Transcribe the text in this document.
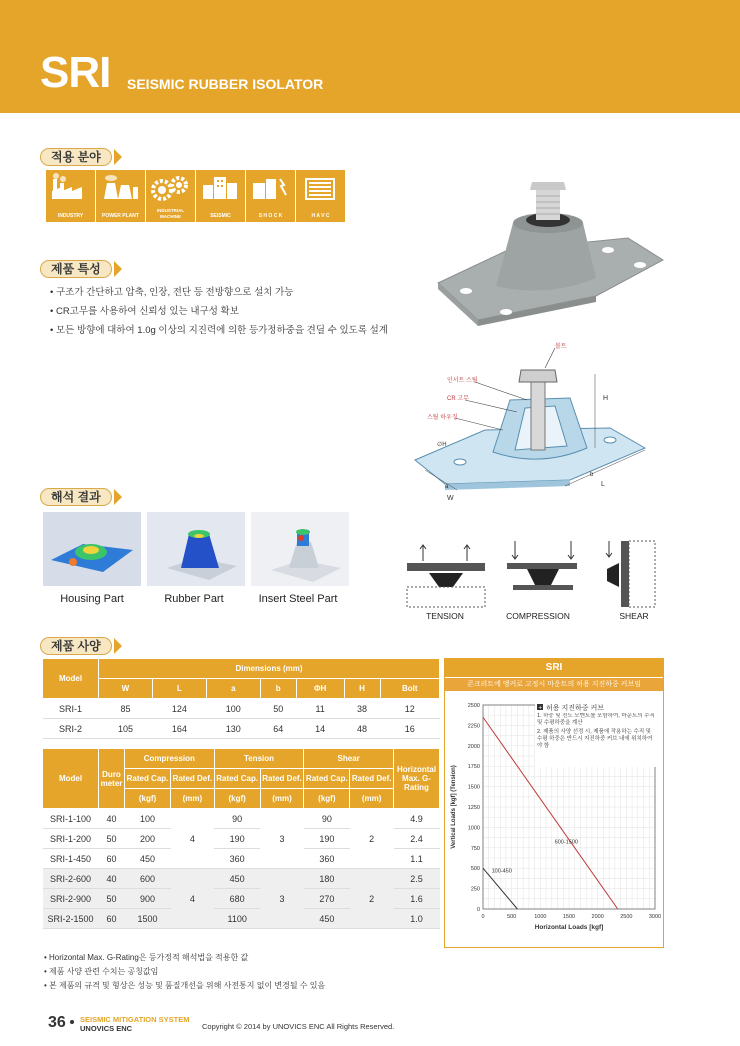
SRI SEISMIC RUBBER ISOLATOR
적용 분야
INDUSTRY	POWER PLANT
INDUSTRIAL MACHINE	SEISMIC	S H O C K	H A V C
제품 특성
• 구조가 간단하고 압축, 인장, 전단 등 전방향으로 설치 가능
• CR고무를 사용하여 신뢰성 있는 내구성 확보
• 모든 방향에 대하여 1.0g 이상의 지진력에 의한 등가정하중을 견딜 수 있도록 설계
볼트
인서트 스틸
CR 고무
스틸 하우징
∅H
H
a
W
b
L
해석 결과
Housing Part	Rubber Part	Insert Steel Part
TENSION	COMPRESSION	SHEAR
제품 사양
Model	Dimensions (mm)						
	W	L	a	b	ΦH	H	Bolt
SRI-1	85	124	100	50	11	38	12
SRI-2	105	164	130	64	14	48	16
Model	Duro meter	Compression		Tension		Shear		Horizontal Max. G-Rating
		Rated Cap.	Rated Def.	Rated Cap.	Rated Def.	Rated Cap.	Rated Def.	
		(kgf)	(mm)	(kgf)	(mm)	(kgf)	(mm)	
SRI-1-100	40	100	4	90	3	90	2	4.9
SRI-1-200	50	200		190		190		2.4
SRI-1-450	60	450		360		360		1.1
SRI-2-600	40	600	4	450	3	180	2	2.5
SRI-2-900	50	900		680		270		1.6
SRI-2-1500	60	1500		1100		450		1.0
SRI
콘크리트에 앵커로 고정시 마운트의 허용 지진하중 커브임
0	500	1000	1500	2000	2500	3000
0
250
500
750
1000
1250
1500
1750
2000
2250
2500
Horizontal Loads [kgf]
Vertical Loads [kgf] (Tension)
100-450
600-1500
+ 허용 지진하중 커브
1. 하중 및 전도 모멘트를 포함하여, 마운트의 수직 및 수평하중을 계산
2. 제품의 사양 선정 시, 제품에 작용하는 수직 및 수평 하중은 반드시 지진하중 커브 내에 위치하여야 함
• Horizontal Max. G-Rating은 등가정적 해석법을 적용한 값
• 제품 사양 관련 수치는 공칭값임
• 본 제품의 규격 및 형상은 성능 및 품질개선을 위해 사전통지 없이 변경될 수 있음
36 SEISMIC MITIGATION SYSTEM
UNOVICS ENC	Copyright © 2014 by UNOVICS ENC All Rights Reserved.
